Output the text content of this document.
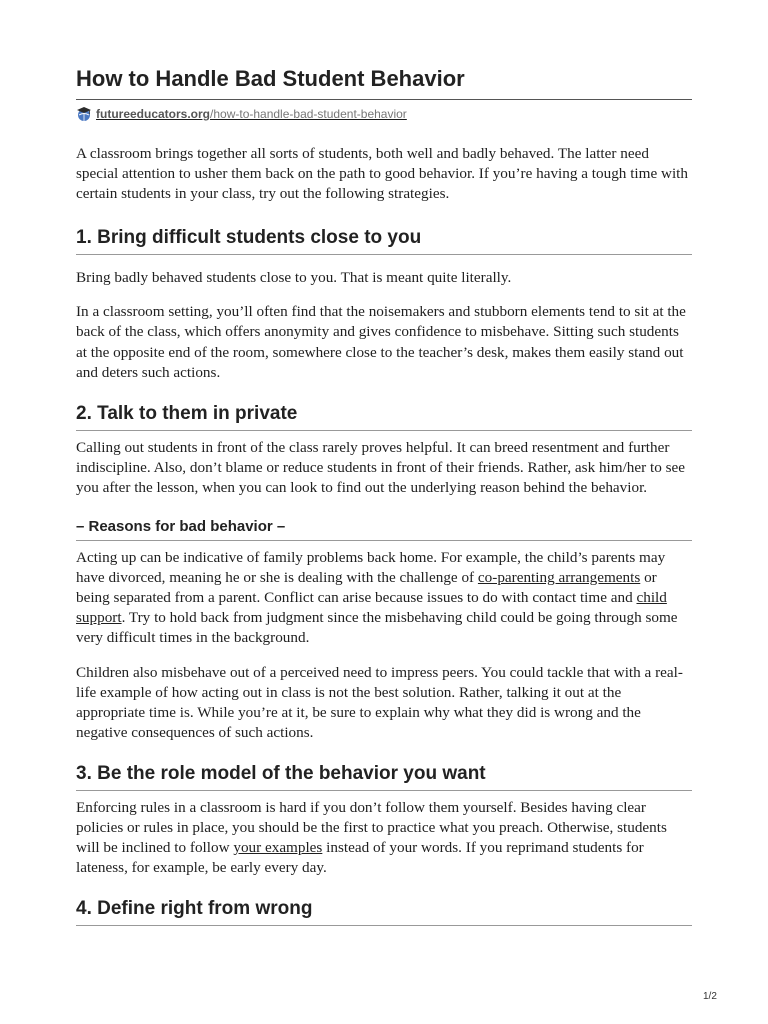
How to Handle Bad Student Behavior
futureeducators.org/how-to-handle-bad-student-behavior

A classroom brings together all sorts of students, both well and badly behaved. The latter need special attention to usher them back on the path to good behavior. If you’re having a tough time with certain students in your class, try out the following strategies.

1. Bring difficult students close to you

Bring badly behaved students close to you. That is meant quite literally.

In a classroom setting, you’ll often find that the noisemakers and stubborn elements tend to sit at the back of the class, which offers anonymity and gives confidence to misbehave. Sitting such students at the opposite end of the room, somewhere close to the teacher’s desk, makes them easily stand out and deters such actions.

2. Talk to them in private

Calling out students in front of the class rarely proves helpful. It can breed resentment and further indiscipline. Also, don’t blame or reduce students in front of their friends. Rather, ask him/her to see you after the lesson, when you can look to find out the underlying reason behind the behavior.

– Reasons for bad behavior –

Acting up can be indicative of family problems back home. For example, the child’s parents may have divorced, meaning he or she is dealing with the challenge of co-parenting arrangements or being separated from a parent. Conflict can arise because issues to do with contact time and child support. Try to hold back from judgment since the misbehaving child could be going through some very difficult times in the background.

Children also misbehave out of a perceived need to impress peers. You could tackle that with a real-life example of how acting out in class is not the best solution. Rather, talking it out at the appropriate time is. While you’re at it, be sure to explain why what they did is wrong and the negative consequences of such actions.

3. Be the role model of the behavior you want

Enforcing rules in a classroom is hard if you don’t follow them yourself. Besides having clear policies or rules in place, you should be the first to practice what you preach. Otherwise, students will be inclined to follow your examples instead of your words. If you reprimand students for lateness, for example, be early every day.

4. Define right from wrong
1/2
